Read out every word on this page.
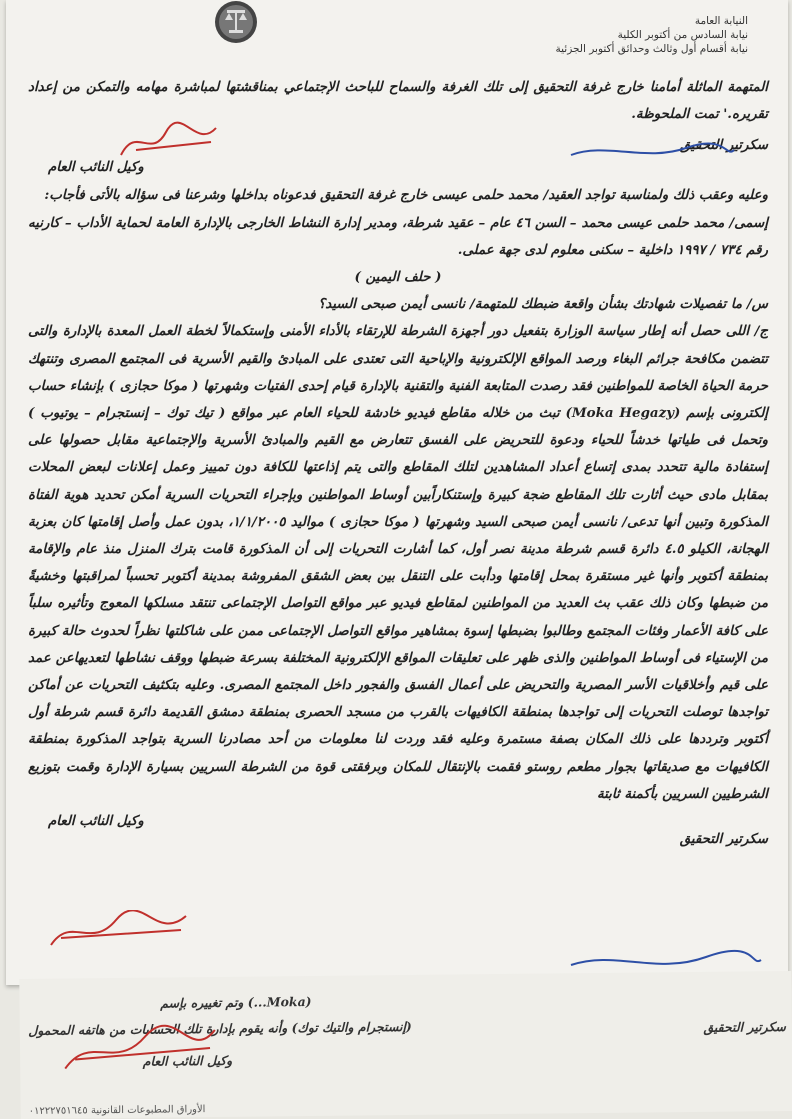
النيابة العامة
نيابة السادس من أكتوبر الكلية
نيابة أقسام أول وثالث وحدائق أكتوبر الجزئية

المتهمة الماثلة أمامنا خارج غرفة التحقيق إلى تلك الغرفة والسماح للباحث الإجتماعي بمناقشتها لمباشرة مهامه والتمكن من إعداد تقريره.' تمت الملحوظة.

سكرتير التحقيق
وكيل النائب العام

وعليه وعقب ذلك ولمناسبة تواجد العقيد/ محمد حلمى عيسى خارج غرفة التحقيق فدعوناه بداخلها وشرعنا فى سؤاله بالأتى فأجاب:

إسمى/ محمد حلمى عيسى محمد – السن ٤٦ عام – عقيد شرطة، ومدير إدارة النشاط الخارجى بالإدارة العامة لحماية الأداب – كارنيه رقم ٧٣٤ / ١٩٩٧ داخلية – سكنى معلوم لدى جهة عملى.

( حلف اليمين )

س/ ما تفصيلات شهادتك بشأن واقعة ضبطك للمتهمة/ نانسى أيمن صبحى السيد؟

ج/ اللى حصل أنه إطار سياسة الوزارة بتفعيل دور أجهزة الشرطة للإرتقاء بالأداء الأمنى وإستكمالاً لخطة العمل المعدة بالإدارة والتى تتضمن مكافحة جرائم البغاء ورصد المواقع الإلكترونية والإباحية التى تعتدى على المبادئ والقيم الأسرية فى المجتمع المصرى وتنتهك حرمة الحياة الخاصة للمواطنين فقد رصدت المتابعة الفنية والتقنية بالإدارة قيام إحدى الفتيات وشهرتها ( موكا حجازى ) بإنشاء حساب إلكترونى بإسم (Moka Hegazy) تبث من خلاله مقاطع فيديو خادشة للحياء العام عبر مواقع ( تيك توك – إنستجرام – يوتيوب ) وتحمل فى طياتها خدشاً للحياء ودعوة للتحريض على الفسق تتعارض مع القيم والمبادئ الأسرية والإجتماعية مقابل حصولها على إستفادة مالية تتحدد بمدى إتساع أعداد المشاهدين لتلك المقاطع والتى يتم إذاعتها للكافة دون تمييز وعمل إعلانات لبعض المحلات بمقابل مادى حيث أثارت تلك المقاطع ضجة كبيرة وإستنكاراًبين أوساط المواطنين وبإجراء التحريات السرية أمكن تحديد هوية الفتاة المذكورة وتبين أنها تدعى/ نانسى أيمن صبحى السيد وشهرتها ( موكا حجازى ) مواليد ١/١/٢٠٠٥، بدون عمل وأصل إقامتها كان بعزبة الهجانة، الكيلو ٤.٥ دائرة قسم شرطة مدينة نصر أول، كما أشارت التحريات إلى أن المذكورة قامت بترك المنزل منذ عام والإقامة بمنطقة أكتوبر وأنها غير مستقرة بمحل إقامتها ودأبت على التنقل بين بعض الشقق المفروشة بمدينة أكتوبر تحسباً لمراقبتها وخشيةً من ضبطها وكان ذلك عقب بث العديد من المواطنين لمقاطع فيديو عبر مواقع التواصل الإجتماعى تنتقد مسلكها المعوج وتأثيره سلباً على كافة الأعمار وفئات المجتمع وطالبوا بضبطها إسوة بمشاهير مواقع التواصل الإجتماعى ممن على شاكلتها نظراً لحدوث حالة كبيرة من الإستياء فى أوساط المواطنين والذى ظهر على تعليقات المواقع الإلكترونية المختلفة بسرعة ضبطها ووقف نشاطها لتعديهاعن عمد على قيم وأخلاقيات الأسر المصرية والتحريض على أعمال الفسق والفجور داخل المجتمع المصرى. وعليه بتكثيف التحريات عن أماكن تواجدها توصلت التحريات إلى تواجدها بمنطقة الكافيهات بالقرب من مسجد الحصرى بمنطقة دمشق القديمة دائرة قسم شرطة أول أكتوبر وترددها على ذلك المكان بصفة مستمرة وعليه فقد وردت لنا معلومات من أحد مصادرنا السرية بتواجد المذكورة بمنطقة الكافيهات مع صديقاتها بجوار مطعم روستو فقمت بالإنتقال للمكان وبرفقتى قوة من الشرطة السريين بسيارة الإدارة وقمت بتوزيع الشرطيين السريين بأكمنة ثابتة

سكرتير التحقيق
وكيل النائب العام
(Moka...) وتم تغييره بإسم
(إنستجرام والتيك توك) وأنه يقوم بإدارة تلك الحسابات من هاتفه المحمول	سكرتير التحقيق
وكيل النائب العام
الأوراق المطبوعات القانونية ٠١٢٢٢٧٥١٦٤٥
